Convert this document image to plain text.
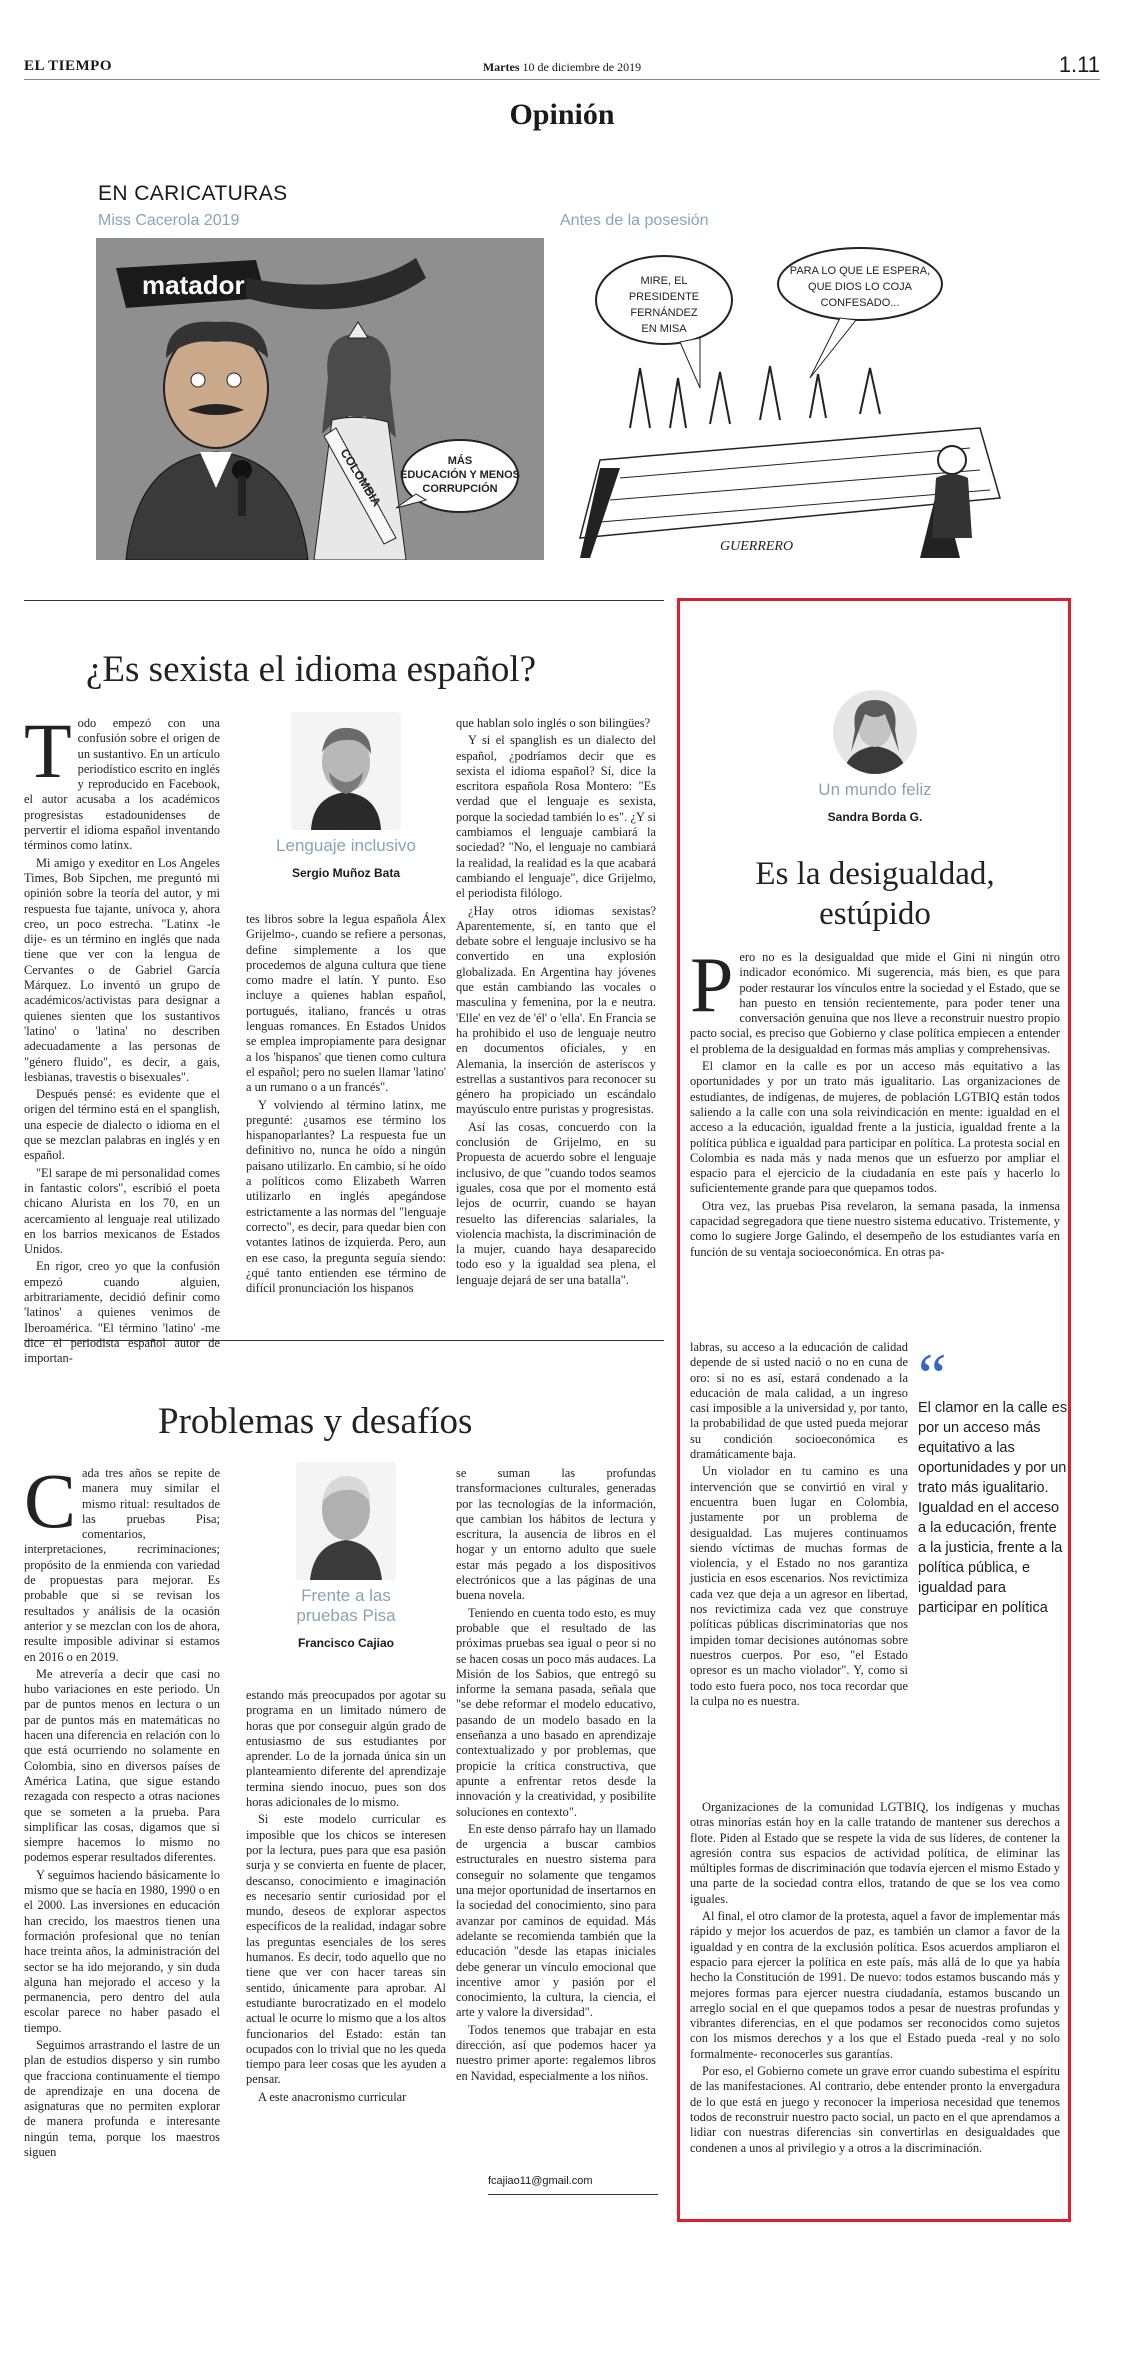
EL TIEMPO	Martes 10 de diciembre de 2019	1.11
Opinión
EN CARICATURAS
Miss Cacerola 2019	Antes de la posesión
matador
COLOMBIA	MÁS
EDUCACIÓN Y MENOS
CORRUPCIÓN
MIRE, EL
PRESIDENTE
FERNÁNDEZ
EN MISA
PARA LO QUE LE ESPERA,
QUE DIOS LO COJA
CONFESADO...
GUERRERO
¿Es sexista el idioma español?
T odo empezó con una confusión sobre el origen de un sustantivo. En un artículo periodístico escrito en inglés y reproducido en Facebook, el autor acusaba a los académicos progresistas estadounidenses de pervertir el idioma español inventando términos como latinx.

Mi amigo y exeditor en Los Angeles Times, Bob Sipchen, me preguntó mi opinión sobre la teoría del autor, y mi respuesta fue tajante, unívoca y, ahora creo, un poco estrecha. "Latinx -le dije- es un término en inglés que nada tiene que ver con la lengua de Cervantes o de Gabriel García Márquez. Lo inventó un grupo de académicos/activistas para designar a quienes sienten que los sustantivos 'latino' o 'latina' no describen adecuadamente a las personas de "género fluido", es decir, a gais, lesbianas, travestis o bisexuales".

Después pensé: es evidente que el origen del término está en el spanglish, una especie de dialecto o idioma en el que se mezclan palabras en inglés y en español.

"El sarape de mi personalidad comes in fantastic colors", escribió el poeta chicano Alurista en los 70, en un acercamiento al lenguaje real utilizado en los barrios mexicanos de Estados Unidos.

En rigor, creo yo que la confusión empezó cuando alguien, arbitrariamente, decidió definir como 'latinos' a quienes venimos de Iberoamérica. "El término 'latino' -me dice el periodista español autor de importan-

Lenguaje inclusivo
Sergio Muñoz Bata

tes libros sobre la legua española Álex Grijelmo-, cuando se refiere a personas, define simplemente a los que procedemos de alguna cultura que tiene como madre el latín. Y punto. Eso incluye a quienes hablan español, portugués, italiano, francés u otras lenguas romances. En Estados Unidos se emplea impropiamente para designar a los 'hispanos' que tienen como cultura el español; pero no suelen llamar 'latino' a un rumano o a un francés".

Y volviendo al término latinx, me pregunté: ¿usamos ese término los hispanoparlantes? La respuesta fue un definitivo no, nunca he oído a ningún paisano utilizarlo. En cambio, sí he oído a políticos como Elizabeth Warren utilizarlo en inglés apegándose estrictamente a las normas del "lenguaje correcto", es decir, para quedar bien con votantes latinos de izquierda. Pero, aun en ese caso, la pregunta seguía siendo: ¿qué tanto entienden ese término de difícil pronunciación los hispanos

que hablan solo inglés o son bilingües?

Y si el spanglish es un dialecto del español, ¿podríamos decir que es sexista el idioma español? Sí, dice la escritora española Rosa Montero: "Es verdad que el lenguaje es sexista, porque la sociedad también lo es". ¿Y si cambiamos el lenguaje cambiará la sociedad? "No, el lenguaje no cambiará la realidad, la realidad es la que acabará cambiando el lenguaje", dice Grijelmo, el periodista filólogo.

¿Hay otros idiomas sexistas? Aparentemente, sí, en tanto que el debate sobre el lenguaje inclusivo se ha convertido en una explosión globalizada. En Argentina hay jóvenes que están cambiando las vocales o masculina y femenina, por la e neutra. 'Elle' en vez de 'él' o 'ella'. En Francia se ha prohibido el uso de lenguaje neutro en documentos oficiales, y en Alemania, la inserción de asteriscos y estrellas a sustantivos para reconocer su género ha propiciado un escándalo mayúsculo entre puristas y progresistas.

Así las cosas, concuerdo con la conclusión de Grijelmo, en su Propuesta de acuerdo sobre el lenguaje inclusivo, de que "cuando todos seamos iguales, cosa que por el momento está lejos de ocurrir, cuando se hayan resuelto las diferencias salariales, la violencia machista, la discriminación de la mujer, cuando haya desaparecido todo eso y la igualdad sea plena, el lenguaje dejará de ser una batalla".

Problemas y desafíos
C ada tres años se repite de manera muy similar el mismo ritual: resultados de las pruebas Pisa; comentarios, interpretaciones, recriminaciones; propósito de la enmienda con variedad de propuestas para mejorar. Es probable que si se revisan los resultados y análisis de la ocasión anterior y se mezclan con los de ahora, resulte imposible adivinar si estamos en 2016 o en 2019.

Me atrevería a decir que casi no hubo variaciones en este periodo. Un par de puntos menos en lectura o un par de puntos más en matemáticas no hacen una diferencia en relación con lo que está ocurriendo no solamente en Colombia, sino en diversos países de América Latina, que sigue estando rezagada con respecto a otras naciones que se someten a la prueba. Para simplificar las cosas, digamos que si siempre hacemos lo mismo no podemos esperar resultados diferentes.

Y seguimos haciendo básicamente lo mismo que se hacía en 1980, 1990 o en el 2000. Las inversiones en educación han crecido, los maestros tienen una formación profesional que no tenían hace treinta años, la administración del sector se ha ido mejorando, y sin duda alguna han mejorado el acceso y la permanencia, pero dentro del aula escolar parece no haber pasado el tiempo.

Seguimos arrastrando el lastre de un plan de estudios disperso y sin rumbo que fracciona continuamente el tiempo de aprendizaje en una docena de asignaturas que no permiten explorar de manera profunda e interesante ningún tema, porque los maestros siguen

Frente a las
pruebas Pisa
Francisco Cajiao

estando más preocupados por agotar su programa en un limitado número de horas que por conseguir algún grado de entusiasmo de sus estudiantes por aprender. Lo de la jornada única sin un planteamiento diferente del aprendizaje termina siendo inocuo, pues son dos horas adicionales de lo mismo.

Si este modelo curricular es imposible que los chicos se interesen por la lectura, pues para que esa pasión surja y se convierta en fuente de placer, descanso, conocimiento e imaginación es necesario sentir curiosidad por el mundo, deseos de explorar aspectos específicos de la realidad, indagar sobre las preguntas esenciales de los seres humanos. Es decir, todo aquello que no tiene que ver con hacer tareas sin sentido, únicamente para aprobar. Al estudiante burocratizado en el modelo actual le ocurre lo mismo que a los altos funcionarios del Estado: están tan ocupados con lo trivial que no les queda tiempo para leer cosas que les ayuden a pensar.

A este anacronismo curricular

se suman las profundas transformaciones culturales, generadas por las tecnologías de la información, que cambian los hábitos de lectura y escritura, la ausencia de libros en el hogar y un entorno adulto que suele estar más pegado a los dispositivos electrónicos que a las páginas de una buena novela.

Teniendo en cuenta todo esto, es muy probable que el resultado de las próximas pruebas sea igual o peor si no se hacen cosas un poco más audaces. La Misión de los Sabios, que entregó su informe la semana pasada, señala que "se debe reformar el modelo educativo, pasando de un modelo basado en la enseñanza a uno basado en aprendizaje contextualizado y por problemas, que propicie la crítica constructiva, que apunte a enfrentar retos desde la innovación y la creatividad, y posibilite soluciones en contexto".

En este denso párrafo hay un llamado de urgencia a buscar cambios estructurales en nuestro sistema para conseguir no solamente que tengamos una mejor oportunidad de insertarnos en la sociedad del conocimiento, sino para avanzar por caminos de equidad. Más adelante se recomienda también que la educación "desde las etapas iniciales debe generar un vínculo emocional que incentive amor y pasión por el conocimiento, la cultura, la ciencia, el arte y valore la diversidad".

Todos tenemos que trabajar en esta dirección, así que podemos hacer ya nuestro primer aporte: regalemos libros en Navidad, especialmente a los niños.

fcajiao11@gmail.com
Un mundo feliz
Sandra Borda G.
Es la desigualdad,
estúpido
P ero no es la desigualdad que mide el Gini ni ningún otro indicador económico. Mi sugerencia, más bien, es que para poder restaurar los vínculos entre la sociedad y el Estado, que se han puesto en tensión recientemente, para poder tener una conversación genuina que nos lleve a reconstruir nuestro propio pacto social, es preciso que Gobierno y clase política empiecen a entender el problema de la desigualdad en formas más amplias y comprehensivas.

El clamor en la calle es por un acceso más equitativo a las oportunidades y por un trato más igualitario. Las organizaciones de estudiantes, de indígenas, de mujeres, de población LGTBIQ están todos saliendo a la calle con una sola reivindicación en mente: igualdad en el acceso a la educación, igualdad frente a la justicia, igualdad frente a la política pública e igualdad para participar en política. La protesta social en Colombia es nada más y nada menos que un esfuerzo por ampliar el espacio para el ejercicio de la ciudadanía en este país y hacerlo lo suficientemente grande para que quepamos todos.

Otra vez, las pruebas Pisa revelaron, la semana pasada, la inmensa capacidad segregadora que tiene nuestro sistema educativo. Tristemente, y como lo sugiere Jorge Galindo, el desempeño de los estudiantes varía en función de su ventaja socioeconómica. En otras pa-

labras, su acceso a la educación de calidad depende de si usted nació o no en cuna de oro: si no es así, estará condenado a la educación de mala calidad, a un ingreso casi imposible a la universidad y, por tanto, la probabilidad de que usted pueda mejorar su condición socioeconómica es dramáticamente baja.

Un violador en tu camino es una intervención que se convirtió en viral y encuentra buen lugar en Colombia, justamente por un problema de desigualdad. Las mujeres continuamos siendo víctimas de muchas formas de violencia, y el Estado no nos garantiza justicia en esos escenarios. Nos revictimiza cada vez que deja a un agresor en libertad, nos revictimiza cada vez que construye políticas públicas discriminatorias que nos impiden tomar decisiones autónomas sobre nuestros cuerpos. Por eso, "el Estado opresor es un macho violador". Y, como si todo esto fuera poco, nos toca recordar que la culpa no es nuestra.

“
El clamor en la calle es por un acceso más equitativo a las oportunidades y por un trato más igualitario. Igualdad en el acceso a la educación, frente a la justicia, frente a la política pública, e igualdad para participar en política

Organizaciones de la comunidad LGTBIQ, los indígenas y muchas otras minorías están hoy en la calle tratando de mantener sus derechos a flote. Piden al Estado que se respete la vida de sus líderes, de contener la agresión contra sus espacios de actividad política, de eliminar las múltiples formas de discriminación que todavía ejercen el mismo Estado y una parte de la sociedad contra ellos, tratando de que se los vea como iguales.

Al final, el otro clamor de la protesta, aquel a favor de implementar más rápido y mejor los acuerdos de paz, es también un clamor a favor de la igualdad y en contra de la exclusión política. Esos acuerdos ampliaron el espacio para ejercer la política en este país, más allá de lo que ya había hecho la Constitución de 1991. De nuevo: todos estamos buscando más y mejores formas para ejercer nuestra ciudadanía, estamos buscando un arreglo social en el que quepamos todos a pesar de nuestras profundas y vibrantes diferencias, en el que podamos ser reconocidos como sujetos con los mismos derechos y a los que el Estado pueda -real y no solo formalmente- reconocerles sus garantías.

Por eso, el Gobierno comete un grave error cuando subestima el espíritu de las manifestaciones. Al contrario, debe entender pronto la envergadura de lo que está en juego y reconocer la imperiosa necesidad que tenemos todos de reconstruir nuestro pacto social, un pacto en el que aprendamos a lidiar con nuestras diferencias sin convertirlas en desigualdades que condenen a unos al privilegio y a otros a la discriminación.
